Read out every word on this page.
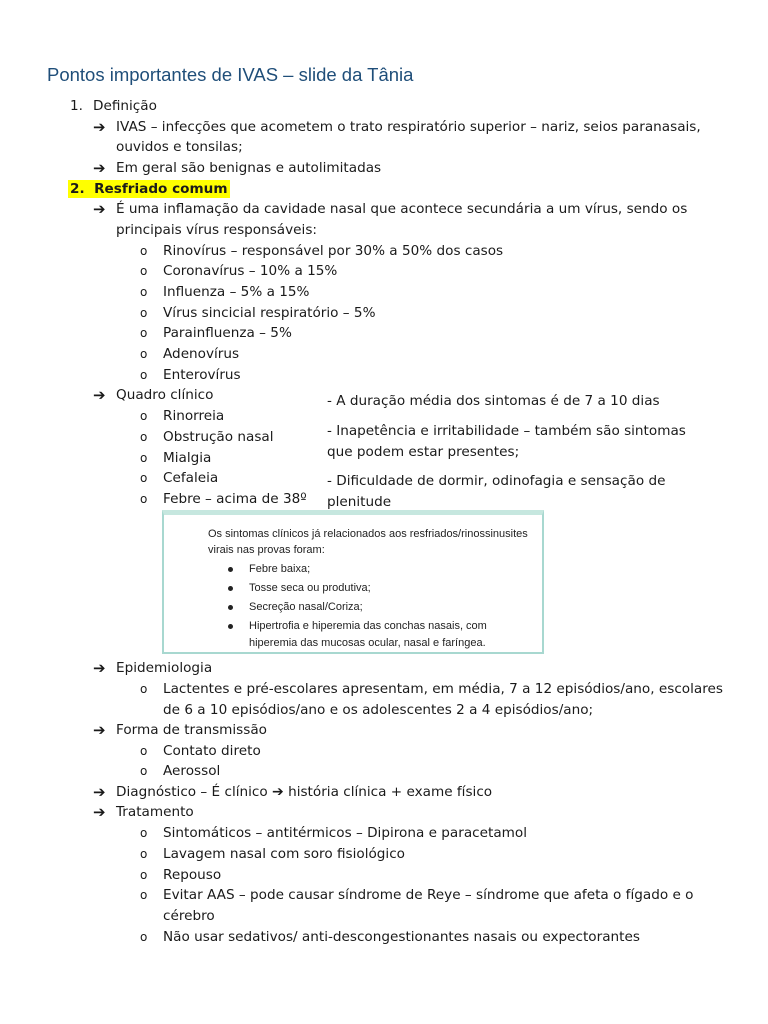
Pontos importantes de IVAS – slide da Tânia
1. Definição
➔ IVAS – infecções que acometem o trato respiratório superior – nariz, seios paranasais,
ouvidos e tonsilas;
➔ Em geral são benignas e autolimitadas
2.  Resfriado comum
➔ É uma inflamação da cavidade nasal que acontece secundária a um vírus, sendo os
principais vírus responsáveis:
o Rinovírus – responsável por 30% a 50% dos casos
o Coronavírus – 10% a 15%
o Influenza – 5% a 15%
o Vírus sincicial respiratório – 5%
o Parainfluenza – 5%
o Adenovírus
o Enterovírus
➔ Quadro clínico
o Rinorreia
o Obstrução nasal
o Mialgia
o Cefaleia
o Febre – acima de 38º
- A duração média dos sintomas é de 7 a 10 dias
- Inapetência e irritabilidade – também são sintomas que podem estar presentes;
- Dificuldade de dormir, odinofagia e sensação de plenitude
Os sintomas clínicos já relacionados aos resfriados/rinossinusites virais nas provas foram:
Febre baixa;
Tosse seca ou produtiva;
Secreção nasal/Coriza;
Hipertrofia e hiperemia das conchas nasais, com hiperemia das mucosas ocular, nasal e faríngea.
➔ Epidemiologia
o Lactentes e pré-escolares apresentam, em média, 7 a 12 episódios/ano, escolares
de 6 a 10 episódios/ano e os adolescentes 2 a 4 episódios/ano;
➔ Forma de transmissão
o Contato direto
o Aerossol
➔ Diagnóstico – É clínico ➔ história clínica + exame físico
➔ Tratamento
o Sintomáticos – antitérmicos – Dipirona e paracetamol
o Lavagem nasal com soro fisiológico
o Repouso
o Evitar AAS – pode causar síndrome de Reye – síndrome que afeta o fígado e o
cérebro
o Não usar sedativos/ anti-descongestionantes nasais ou expectorantes
